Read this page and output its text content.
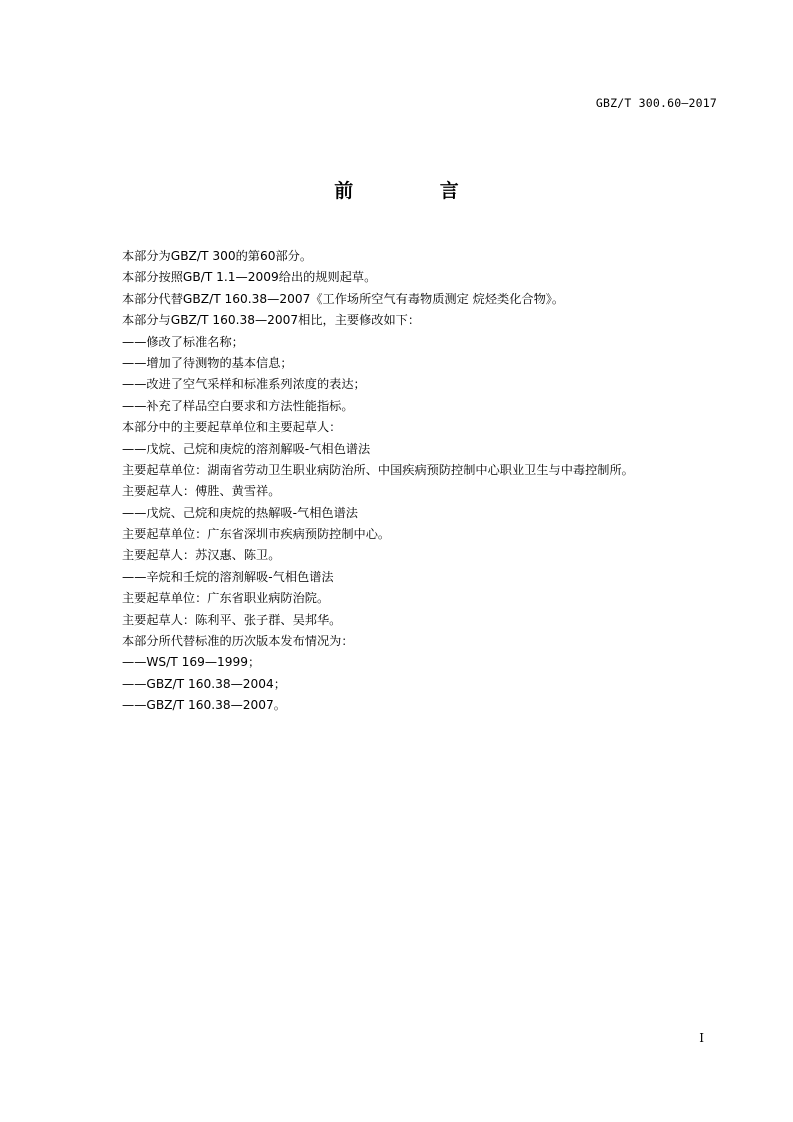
GBZ/T 300.60—2017
前 言
本部分为GBZ/T 300的第60部分。
本部分按照GB/T 1.1—2009给出的规则起草。
本部分代替GBZ/T 160.38—2007《工作场所空气有毒物质测定 烷烃类化合物》。
本部分与GBZ/T 160.38—2007相比，主要修改如下：
——修改了标准名称；
——增加了待测物的基本信息；
——改进了空气采样和标准系列浓度的表达；
——补充了样品空白要求和方法性能指标。
本部分中的主要起草单位和主要起草人：
——戊烷、己烷和庚烷的溶剂解吸-气相色谱法
主要起草单位：湖南省劳动卫生职业病防治所、中国疾病预防控制中心职业卫生与中毒控制所。
主要起草人：傅胜、黄雪祥。
——戊烷、己烷和庚烷的热解吸-气相色谱法
主要起草单位：广东省深圳市疾病预防控制中心。
主要起草人：苏汉惠、陈卫。
——辛烷和壬烷的溶剂解吸-气相色谱法
主要起草单位：广东省职业病防治院。
主要起草人：陈利平、张子群、吴邦华。
本部分所代替标准的历次版本发布情况为：
——WS/T 169—1999；
——GBZ/T 160.38—2004；
——GBZ/T 160.38—2007。
I
